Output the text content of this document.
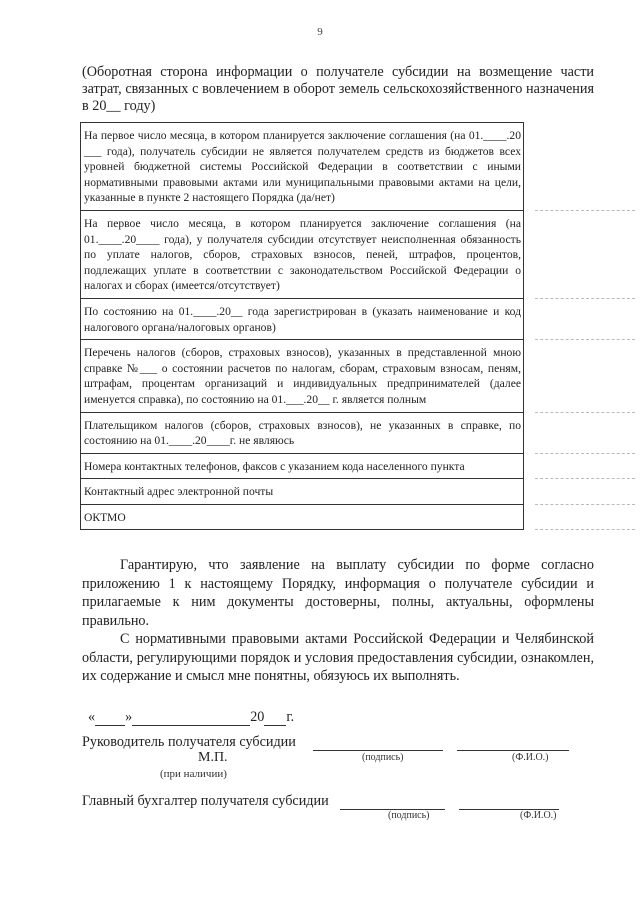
9
(Оборотная сторона информации о получателе субсидии на возмещение части затрат, связанных с вовлечением в оборот земель сельскохозяйственного назначения в 20__ году)
На первое число месяца, в котором планируется заключение соглашения (на 01.____.20 ___ года), получатель субсидии не является получателем средств из бюджетов всех уровней бюджетной системы Российской Федерации в соответствии с иными нормативными правовыми актами или муниципальными правовыми актами на цели, указанные в пункте 2 настоящего Порядка (да/нет)
На первое число месяца, в котором планируется заключение соглашения (на 01.____.20____ года), у получателя субсидии отсутствует неисполненная обязанность по уплате налогов, сборов, страховых взносов, пеней, штрафов, процентов, подлежащих уплате в соответствии с законодательством Российской Федерации о налогах и сборах (имеется/отсутствует)
По состоянию на 01.____.20__ года зарегистрирован в (указать наименование и код налогового органа/налоговых органов)
Перечень налогов (сборов, страховых взносов), указанных в представленной мною справке №___ о состоянии расчетов по налогам, сборам, страховым взносам, пеням, штрафам, процентам организаций и индивидуальных предпринимателей (далее именуется справка), по состоянию на 01.___.20__ г. является полным
Плательщиком налогов (сборов, страховых взносов), не указанных в справке, по состоянию на 01.____.20____г. не являюсь
Номера контактных телефонов, факсов с указанием кода населенного пункта
Контактный адрес электронной почты
ОКТМО

Гарантирую, что заявление на выплату субсидии по форме согласно приложению 1 к настоящему Порядку, информация о получателе субсидии и прилагаемые к ним документы достоверны, полны, актуальны, оформлены правильно.

С нормативными правовыми актами Российской Федерации и Челябинской области, регулирующими порядок и условия предоставления субсидии, ознакомлен, их содержание и смысл мне понятны, обязуюсь их выполнять.

« »	20 г.
Руководитель получателя субсидии
М.П.	(подпись)	(Ф.И.О.)
(при наличии)
Главный бухгалтер получателя субсидии
(подпись)	(Ф.И.О.)
